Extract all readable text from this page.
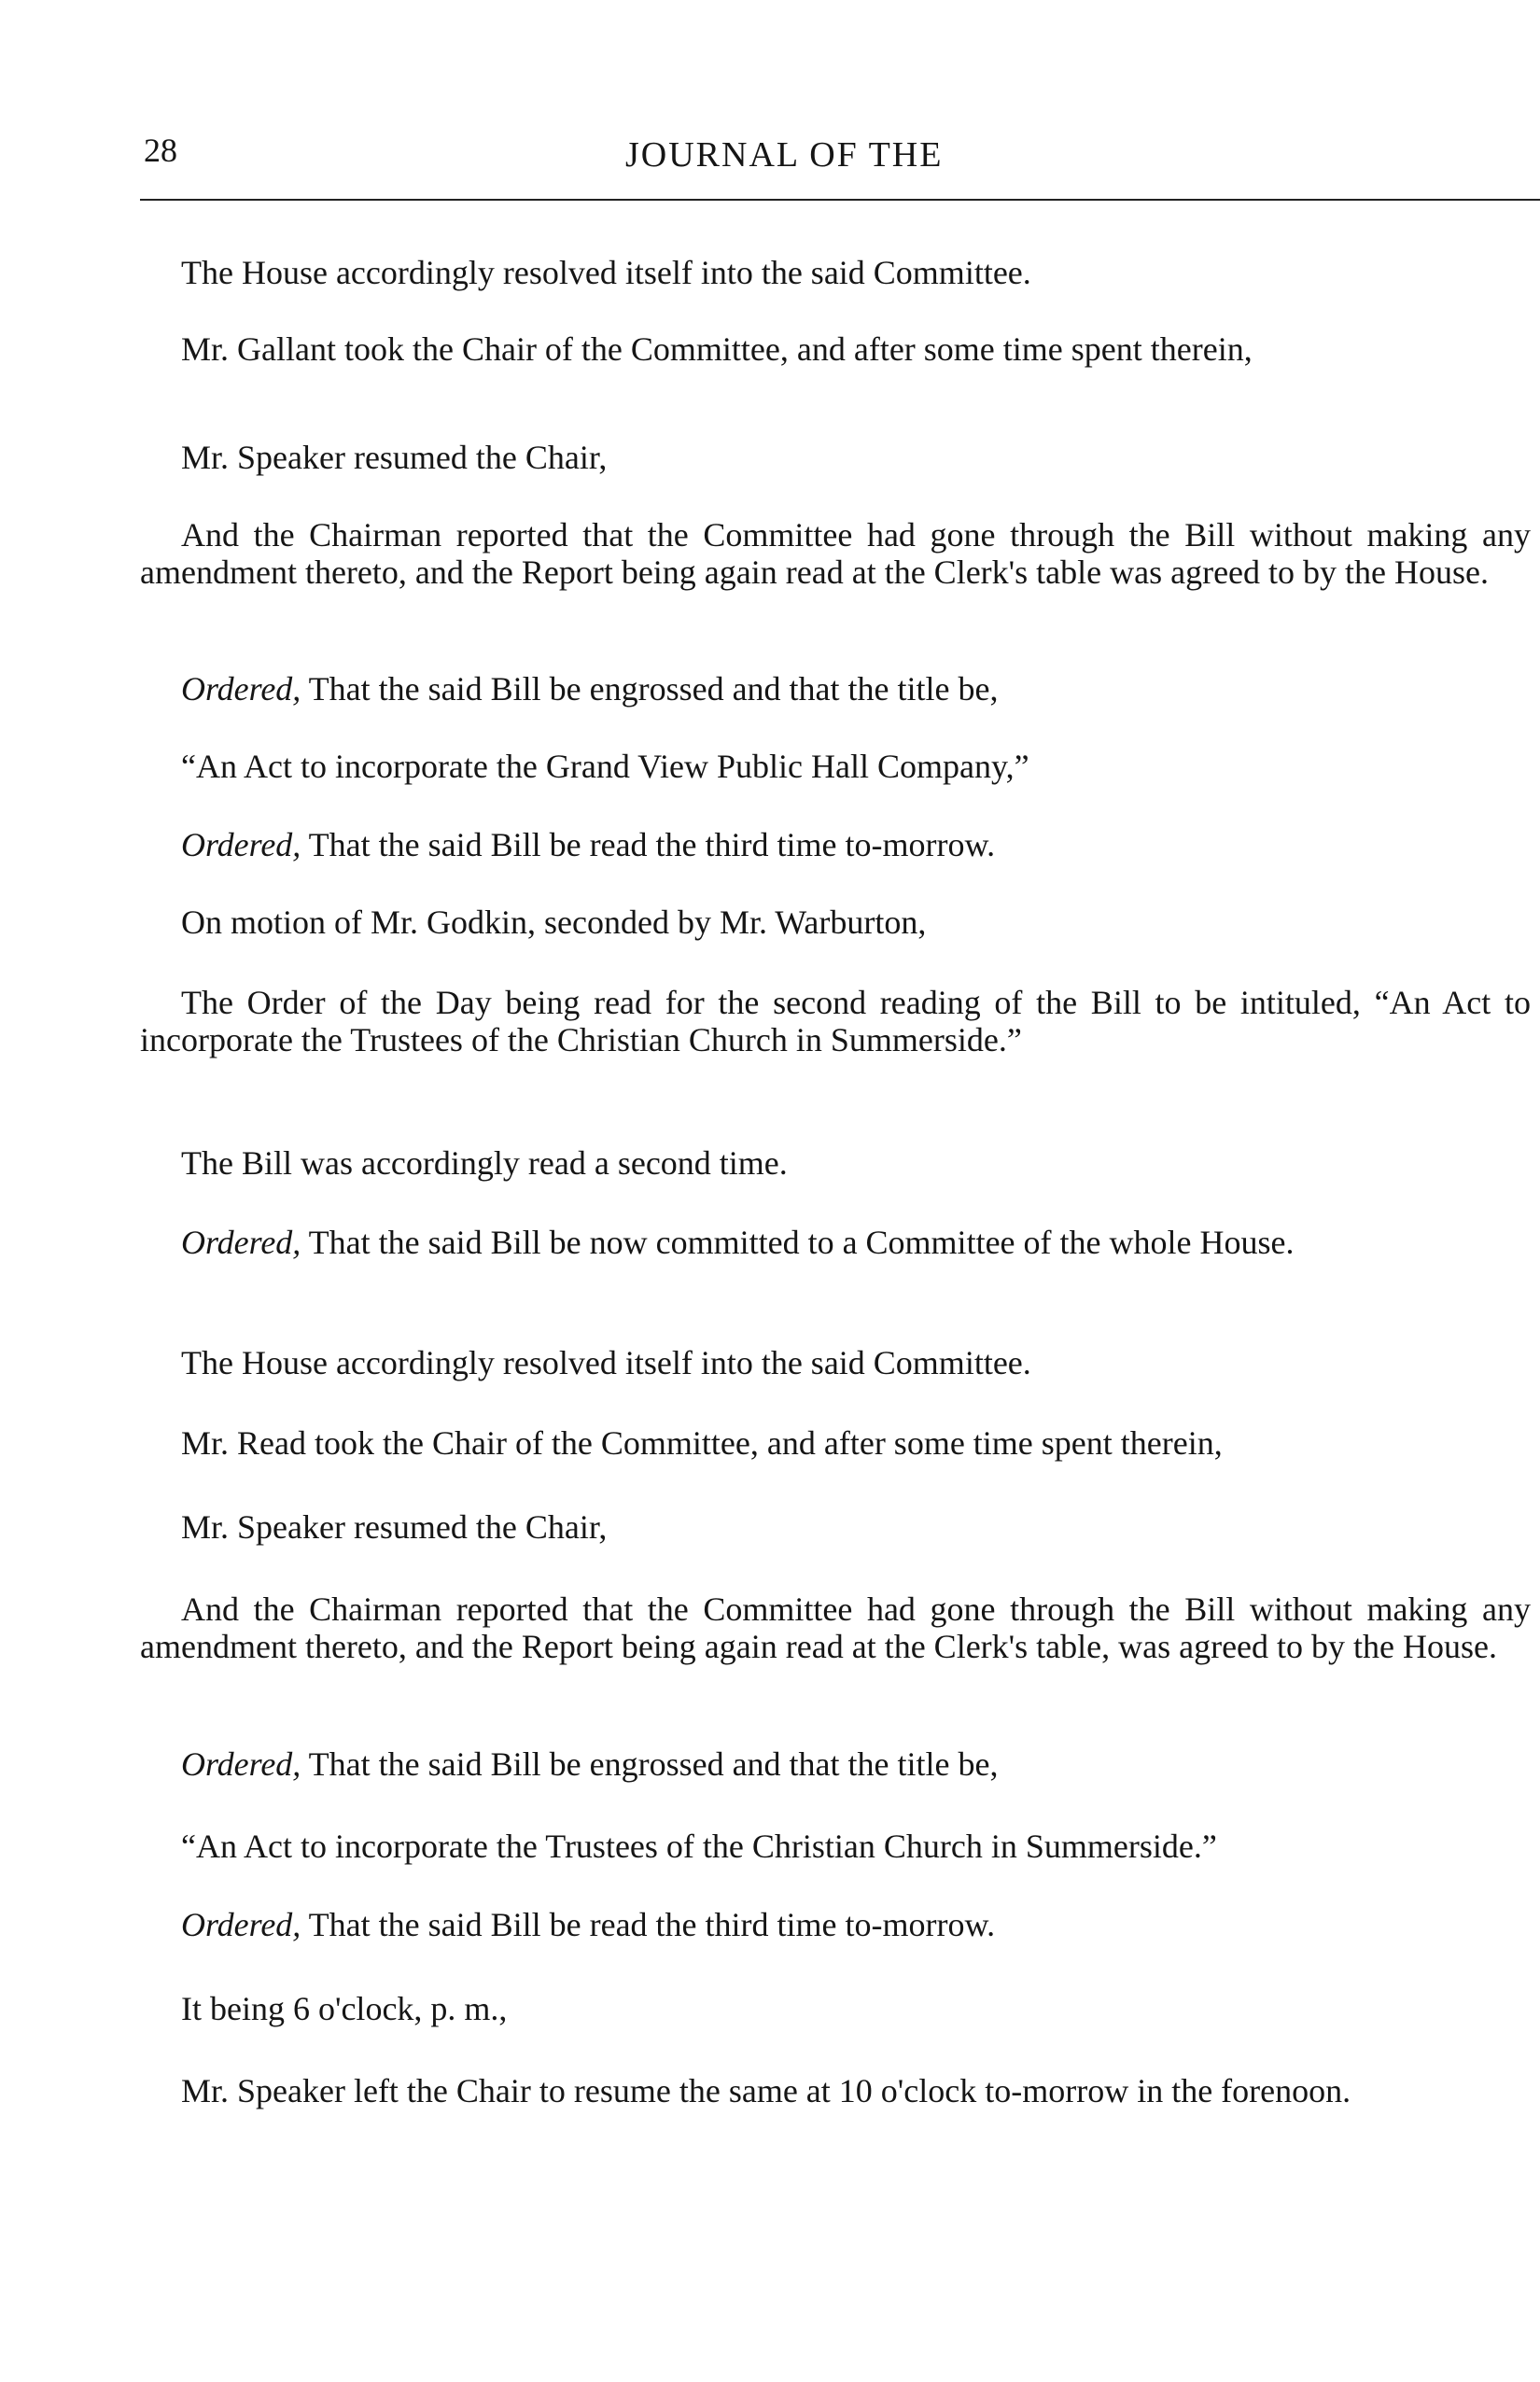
28	JOURNAL OF THE

The House accordingly resolved itself into the said Committee.

Mr. Gallant took the Chair of the Committee, and after some time spent therein,

Mr. Speaker resumed the Chair,

And the Chairman reported that the Committee had gone through the Bill without making any amendment thereto, and the Report being again read at the Clerk's table was agreed to by the House.

Ordered, That the said Bill be engrossed and that the title be,

“An Act to incorporate the Grand View Public Hall Company,”

Ordered, That the said Bill be read the third time to-morrow.

On motion of Mr. Godkin, seconded by Mr. Warburton,

The Order of the Day being read for the second reading of the Bill to be intituled, “An Act to incorporate the Trustees of the Christian Church in Summerside.”

The Bill was accordingly read a second time.

Ordered, That the said Bill be now committed to a Committee of the whole House.

The House accordingly resolved itself into the said Committee.

Mr. Read took the Chair of the Committee, and after some time spent therein,

Mr. Speaker resumed the Chair,

And the Chairman reported that the Committee had gone through the Bill without making any amendment thereto, and the Report being again read at the Clerk's table, was agreed to by the House.

Ordered, That the said Bill be engrossed and that the title be,

“An Act to incorporate the Trustees of the Christian Church in Summerside.”

Ordered, That the said Bill be read the third time to-morrow.

It being 6 o'clock, p. m.,

Mr. Speaker left the Chair to resume the same at 10 o'clock to-morrow in the forenoon.
